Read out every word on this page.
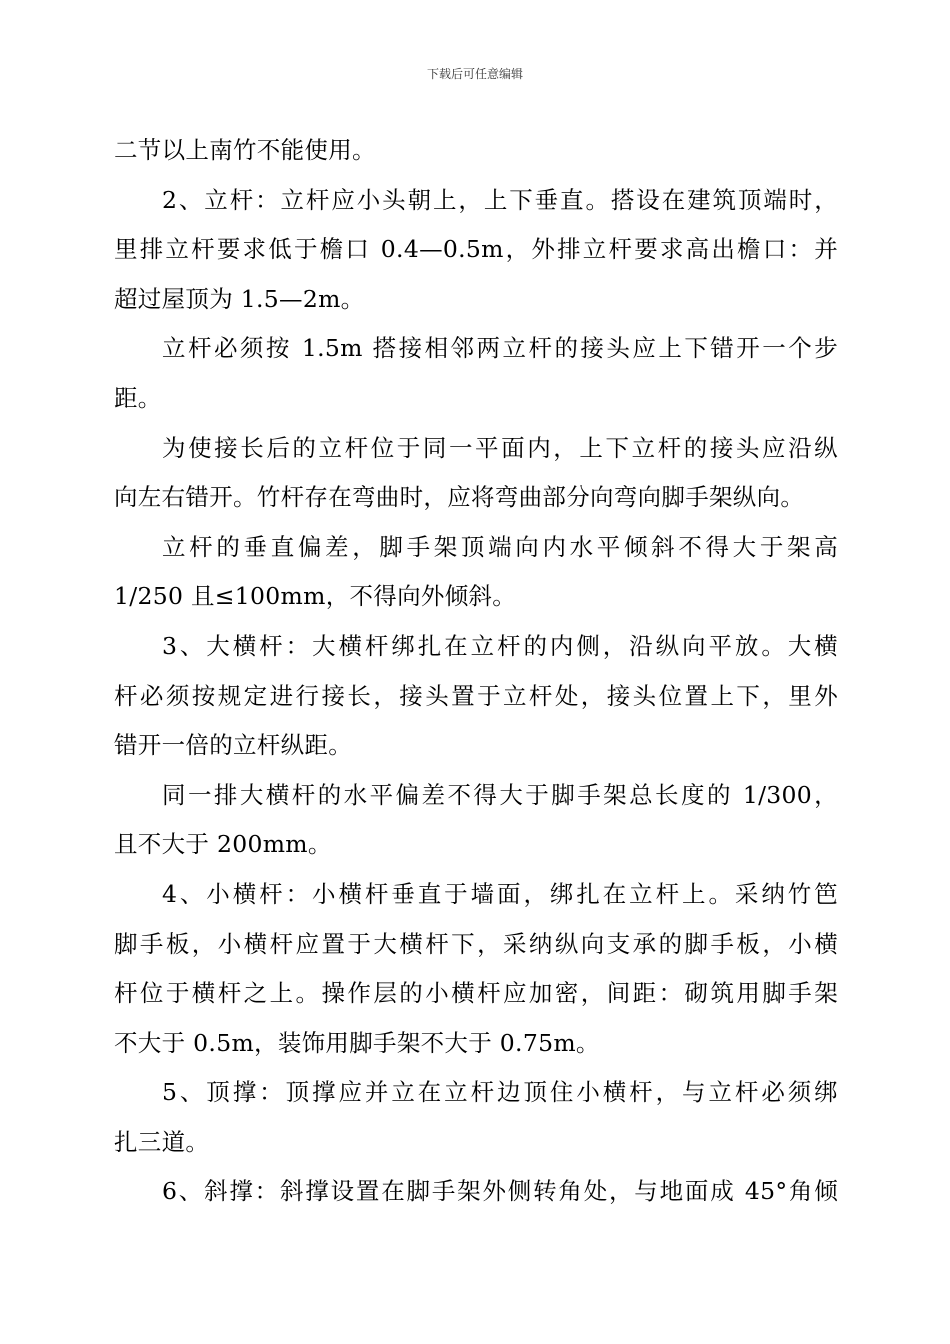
下载后可任意编辑
二节以上南竹不能使用。
2、立杆：立杆应小头朝上，上下垂直。搭设在建筑顶端时，
里排立杆要求低于檐口 0.4—0.5m，外排立杆要求高出檐口：并
超过屋顶为 1.5—2m。
立杆必须按 1.5m 搭接相邻两立杆的接头应上下错开一个步
距。
为使接长后的立杆位于同一平面内，上下立杆的接头应沿纵
向左右错开。竹杆存在弯曲时，应将弯曲部分向弯向脚手架纵向。
立杆的垂直偏差，脚手架顶端向内水平倾斜不得大于架高
1/250 且≤100mm，不得向外倾斜。
3、大横杆：大横杆绑扎在立杆的内侧，沿纵向平放。大横
杆必须按规定进行接长，接头置于立杆处，接头位置上下，里外
错开一倍的立杆纵距。
同一排大横杆的水平偏差不得大于脚手架总长度的 1/300，
且不大于 200mm。
4、小横杆：小横杆垂直于墙面，绑扎在立杆上。采纳竹笆
脚手板，小横杆应置于大横杆下，采纳纵向支承的脚手板，小横
杆位于横杆之上。操作层的小横杆应加密，间距：砌筑用脚手架
不大于 0.5m，装饰用脚手架不大于 0.75m。
5、顶撑：顶撑应并立在立杆边顶住小横杆，与立杆必须绑
扎三道。
6、斜撑：斜撑设置在脚手架外侧转角处，与地面成 45°角倾
